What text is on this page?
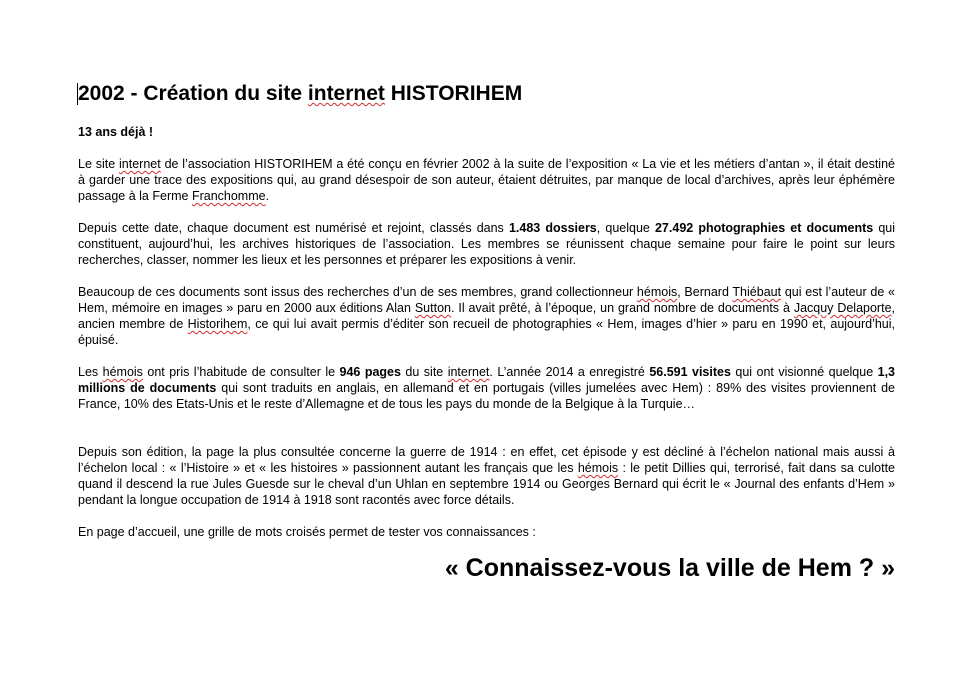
2002 - Création du site internet HISTORIHEM

13 ans déjà !

Le site internet de l’association HISTORIHEM a été conçu en février 2002 à la suite de l’exposition « La vie et les métiers d’antan », il était destiné à garder une trace des expositions qui, au grand désespoir de son auteur, étaient détruites, par manque de local d’archives, après leur éphémère passage à la Ferme Franchomme.

Depuis cette date, chaque document est numérisé et rejoint, classés dans 1.483 dossiers, quelque 27.492 photographies et documents qui constituent, aujourd’hui, les archives historiques de l’association. Les membres se réunissent chaque semaine pour faire le point sur leurs recherches, classer, nommer les lieux et les personnes et préparer les expositions à venir.

Beaucoup de ces documents sont issus des recherches d’un de ses membres, grand collectionneur hémois, Bernard Thiébaut qui est l’auteur de « Hem, mémoire en images » paru en 2000 aux éditions Alan Sutton. Il avait prêté, à l’époque, un grand nombre de documents à Jacquy Delaporte, ancien membre de Historihem, ce qui lui avait permis d’éditer son recueil de photographies « Hem, images d’hier » paru en 1990 et, aujourd’hui, épuisé.

Les hémois ont pris l’habitude de consulter le 946 pages du site internet. L’année 2014 a enregistré 56.591 visites qui ont visionné quelque 1,3 millions de documents qui sont traduits en anglais, en allemand et en portugais (villes jumelées avec Hem) : 89% des visites proviennent de France, 10% des Etats-Unis et le reste d’Allemagne et de tous les pays du monde de la Belgique à la Turquie…

Depuis son édition, la page la plus consultée concerne la guerre de 1914 : en effet, cet épisode y est décliné à l’échelon national mais aussi à l’échelon local : « l’Histoire » et « les histoires » passionnent autant les français que les hémois : le petit Dillies qui, terrorisé, fait dans sa culotte quand il descend la rue Jules Guesde sur le cheval d’un Uhlan en septembre 1914 ou Georges Bernard qui écrit le « Journal des enfants d’Hem » pendant la longue occupation de 1914 à 1918 sont racontés avec force détails.

En page d’accueil, une grille de mots croisés permet de tester vos connaissances :

« Connaissez-vous la ville de Hem ? »
